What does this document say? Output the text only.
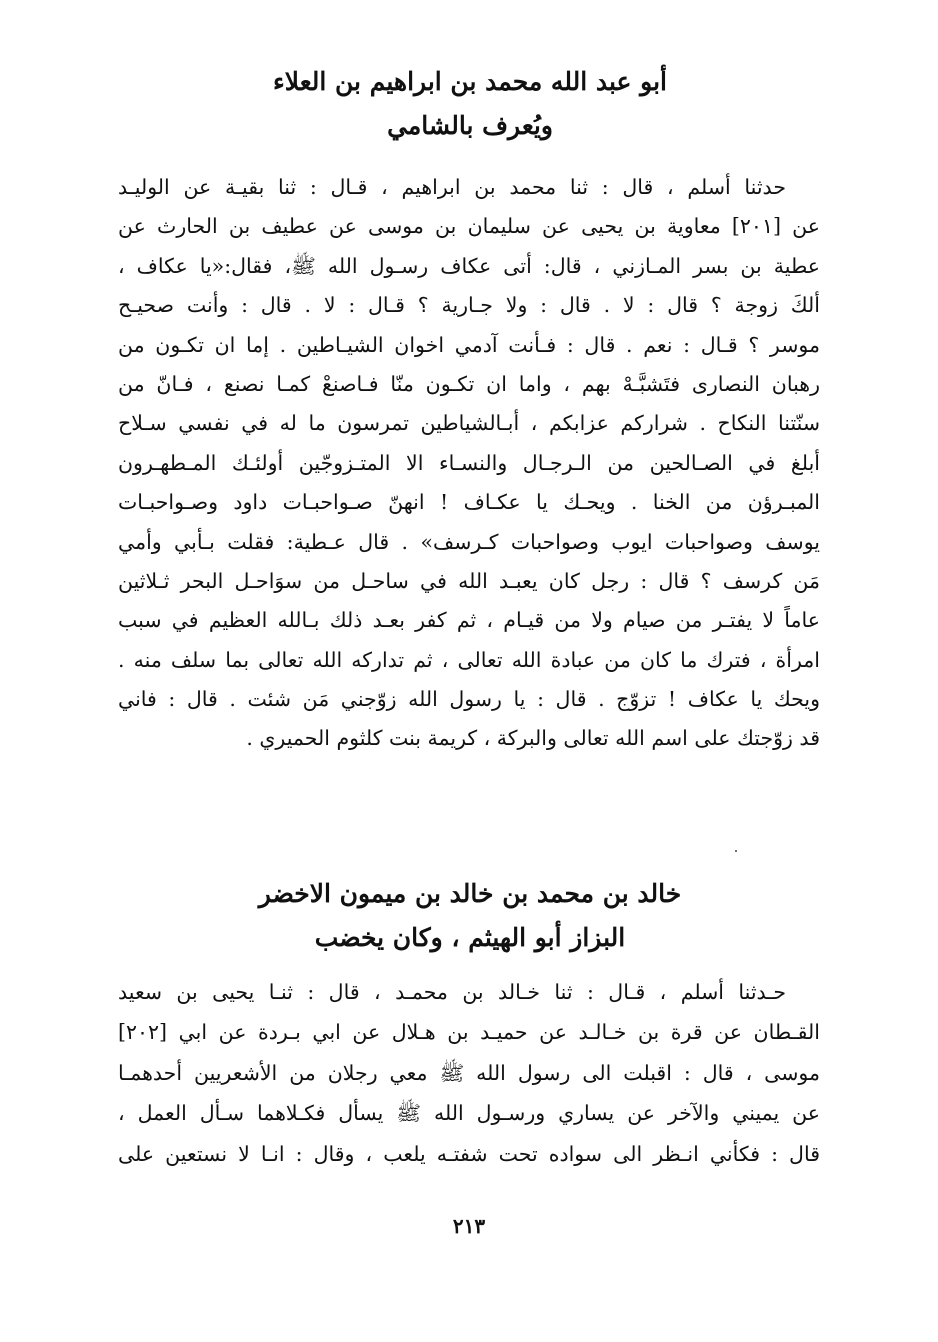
أبو عبد الله محمد بن ابراهيم بن العلاء
ويُعرف بالشامي
حدثنا أسلم ، قال : ثنا محمد بن ابراهيم ، قـال : ثنا بقيـة عن الوليـد
عن [٢٠١] معاوية بن يحيى عن سليمان بن موسى عن عطيف بن الحارث عن
عطية بن بسر المـازني ، قال: أتى عكاف رسـول الله ﷺ، فقال:«يا عكاف ،
ألكَ زوجة ؟ قال : لا . قال : ولا جـارية ؟ قـال : لا . قال : وأنت صحيـح
موسر ؟ قـال : نعم . قال : فـأنت آدمي اخوان الشيـاطين . إما ان تكـون من
رهبان النصارى فتَشبَّـهْ بهم ، واما ان تكـون منّا فـاصنعْ كمـا نصنع ، فـانّ من
سنّتنا النكاح . شراركم عزابكم ، أبـالشياطين تمرسون ما له في نفسي سـلاح
أبلغ في الصـالحين من الـرجـال والنسـاء الا المتـزوجّين أولئـك المـطهـرون
المبـرؤن من الخنا . ويحـك يا عكـاف ! انهنّ صـواحبـات داود وصـواحبـات
يوسف وصواحبات ايوب وصواحبات كـرسف» . قال عـطية: فقلت بـأبي وأمي
مَن كرسف ؟ قال : رجل كان يعبـد الله في ساحـل من سوَاحـل البحر ثـلاثين
عاماً لا يفتـر من صيام ولا من قيـام ، ثم كفر بعـد ذلك بـالله العظيم في سبب
امرأة ، فترك ما كان من عبادة الله تعالى ، ثم تداركه الله تعالى بما سلف منه .
ويحك يا عكاف ! تزوّج . قال : يا رسول الله زوّجني مَن شئت . قال : فاني
قد زوّجتك على اسم الله تعالى والبركة ، كريمة بنت كلثوم الحميري .
خالد بن محمد بن خالد بن ميمون الاخضر
البزاز أبو الهيثم ، وكان يخضب
حـدثنا أسلم ، قـال : ثنا خـالد بن محمـد ، قال : ثنـا يحيى بن سعيد
القـطان عن قرة بن خـالـد عن حميـد بن هـلال عن ابي بـردة عن ابي [٢٠٢]
موسى ، قال : اقبلت الى رسول الله ﷺ معي رجلان من الأشعريين أحدهمـا
عن يميني والآخر عن يساري ورسـول الله ﷺ يسأل فكـلاهما سـأل العمل ،
قال : فكأني انـظر الى سواده تحت شفتـه يلعب ، وقال : انـا لا نستعين على
٢١٣
